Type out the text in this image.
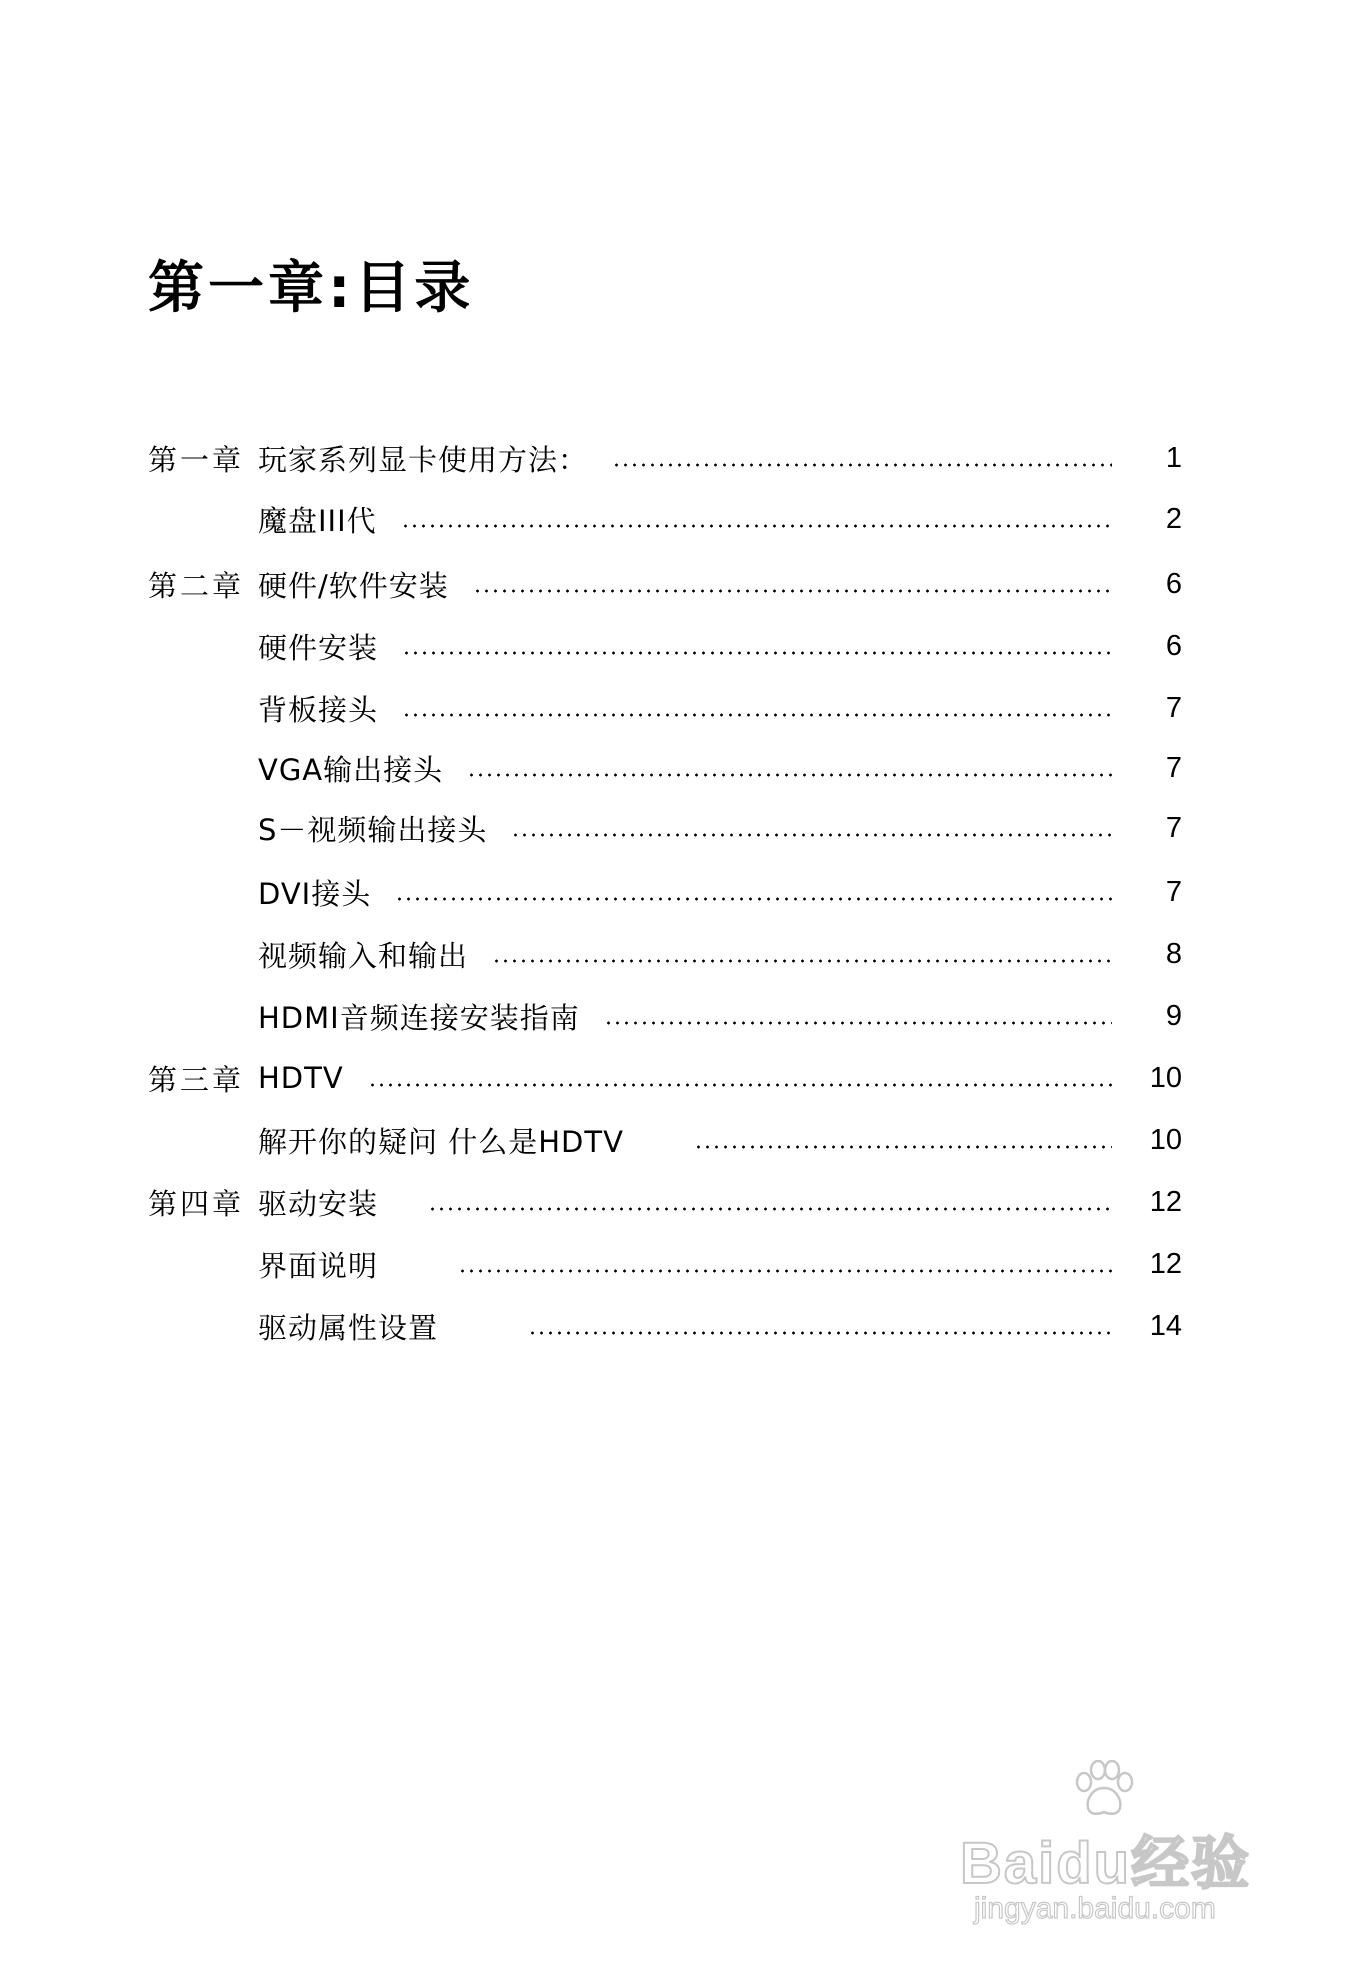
第一章:目录
第一章 玩家系列显卡使用方法：	1
魔盘III代	2
第二章 硬件/软件安装	6
硬件安装	6
背板接头	7
VGA输出接头	7
S－视频输出接头	7
DVI接头	7
视频输入和输出	8
HDMI音频连接安装指南	9
第三章 HDTV	10
解开你的疑问 什么是HDTV	10
第四章 驱动安装	12
界面说明	12
驱动属性设置	14
Baidu经验
jingyan.baidu.com
